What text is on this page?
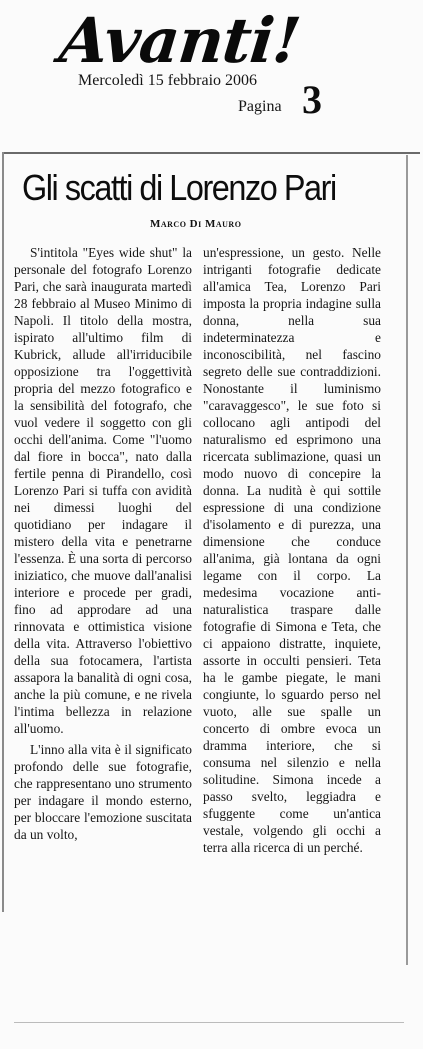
Avanti!
Mercoledì 15 febbraio 2006
Pagina 3
Gli scatti di Lorenzo Pari
Marco Di Mauro

S'intitola "Eyes wide shut" la personale del fotografo Lorenzo Pari, che sarà inaugurata martedì 28 febbraio al Museo Minimo di Napoli. Il titolo della mostra, ispirato all'ultimo film di Kubrick, allude all'irriducibile opposizione tra l'oggettività propria del mezzo fotografico e la sensibilità del fotografo, che vuol vedere il soggetto con gli occhi dell'anima. Come "l'uomo dal fiore in bocca", nato dalla fertile penna di Pirandello, così Lorenzo Pari si tuffa con avidità nei dimessi luoghi del quotidiano per indagare il mistero della vita e penetrarne l'essenza. È una sorta di percorso iniziatico, che muove dall'analisi interiore e procede per gradi, fino ad approdare ad una rinnovata e ottimistica visione della vita. Attraverso l'obiettivo della sua fotocamera, l'artista assapora la banalità di ogni cosa, anche la più comune, e ne rivela l'intima bellezza in relazione all'uomo.

L'inno alla vita è il significato profondo delle sue fotografie, che rappresentano uno strumento per indagare il mondo esterno, per bloccare l'emozione suscitata da un volto,

un'espressione, un gesto. Nelle intriganti fotografie dedicate all'amica Tea, Lorenzo Pari imposta la propria indagine sulla donna, nella sua indeterminatezza e inconoscibilità, nel fascino segreto delle sue contraddizioni. Nonostante il luminismo "caravaggesco", le sue foto si collocano agli antipodi del naturalismo ed esprimono una ricercata sublimazione, quasi un modo nuovo di concepire la donna. La nudità è qui sottile espressione di una condizione d'isolamento e di purezza, una dimensione che conduce all'anima, già lontana da ogni legame con il corpo. La medesima vocazione anti-naturalistica traspare dalle fotografie di Simona e Teta, che ci appaiono distratte, inquiete, assorte in occulti pensieri. Teta ha le gambe piegate, le mani congiunte, lo sguardo perso nel vuoto, alle sue spalle un concerto di ombre evoca un dramma interiore, che si consuma nel silenzio e nella solitudine. Simona incede a passo svelto, leggiadra e sfuggente come un'antica vestale, volgendo gli occhi a terra alla ricerca di un perché.
